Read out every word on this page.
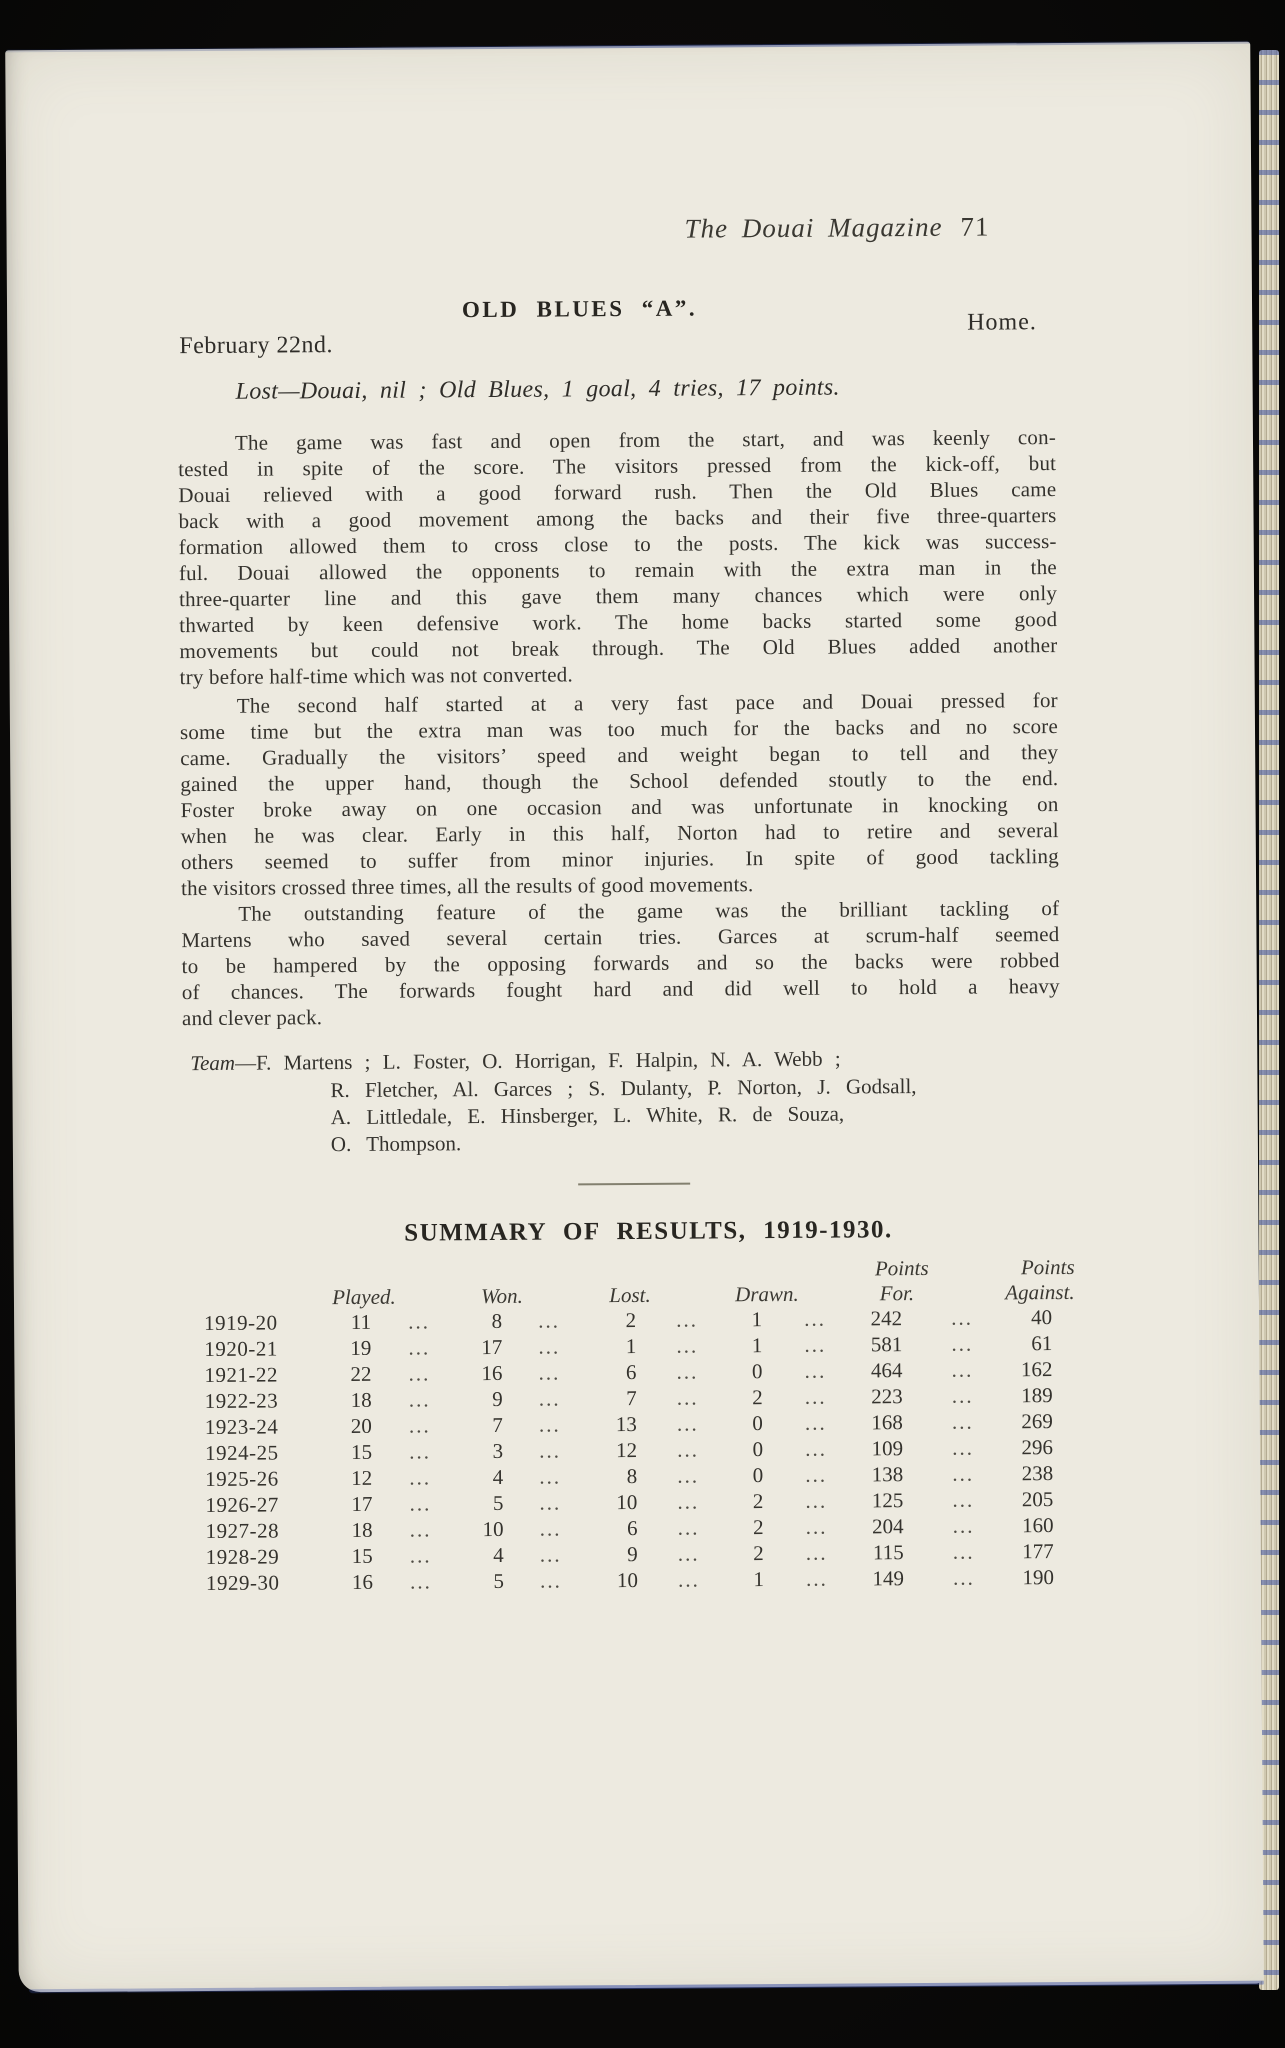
The Douai Magazine 71
OLD BLUES “A”.
Home.
February 22nd.
Lost—Douai, nil ; Old Blues, 1 goal, 4 tries, 17 points.
The game was fast and open from the start, and was keenly con-
tested in spite of the score. The visitors pressed from the kick-off, but
Douai relieved with a good forward rush. Then the Old Blues came
back with a good movement among the backs and their five three-quarters
formation allowed them to cross close to the posts. The kick was success-
ful. Douai allowed the opponents to remain with the extra man in the
three-quarter line and this gave them many chances which were only
thwarted by keen defensive work. The home backs started some good
movements but could not break through. The Old Blues added another
try before half-time which was not converted.
The second half started at a very fast pace and Douai pressed for
some time but the extra man was too much for the backs and no score
came. Gradually the visitors’ speed and weight began to tell and they
gained the upper hand, though the School defended stoutly to the end.
Foster broke away on one occasion and was unfortunate in knocking on
when he was clear. Early in this half, Norton had to retire and several
others seemed to suffer from minor injuries. In spite of good tackling
the visitors crossed three times, all the results of good movements.
The outstanding feature of the game was the brilliant tackling of
Martens who saved several certain tries. Garces at scrum-half seemed
to be hampered by the opposing forwards and so the backs were robbed
of chances. The forwards fought hard and did well to hold a heavy
and clever pack.
Team—F. Martens ; L. Foster, O. Horrigan, F. Halpin, N. A. Webb ;
R. Fletcher, Al. Garces ; S. Dulanty, P. Norton, J. Godsall,
A. Littledale, E. Hinsberger, L. White, R. de Souza,
O. Thompson.
SUMMARY OF RESULTS, 1919-1930.
Points	Points
Played.	Won.	Lost.	Drawn.	For.	Against.
1919-20	11	...	8	...	2	...	1	...	242	...	40
1920-21	19	...	17	...	1	...	1	...	581	...	61
1921-22	22	...	16	...	6	...	0	...	464	...	162
1922-23	18	...	9	...	7	...	2	...	223	...	189
1923-24	20	...	7	...	13	...	0	...	168	...	269
1924-25	15	...	3	...	12	...	0	...	109	...	296
1925-26	12	...	4	...	8	...	0	...	138	...	238
1926-27	17	...	5	...	10	...	2	...	125	...	205
1927-28	18	...	10	...	6	...	2	...	204	...	160
1928-29	15	...	4	...	9	...	2	...	115	...	177
1929-30	16	...	5	...	10	...	1	...	149	...	190
